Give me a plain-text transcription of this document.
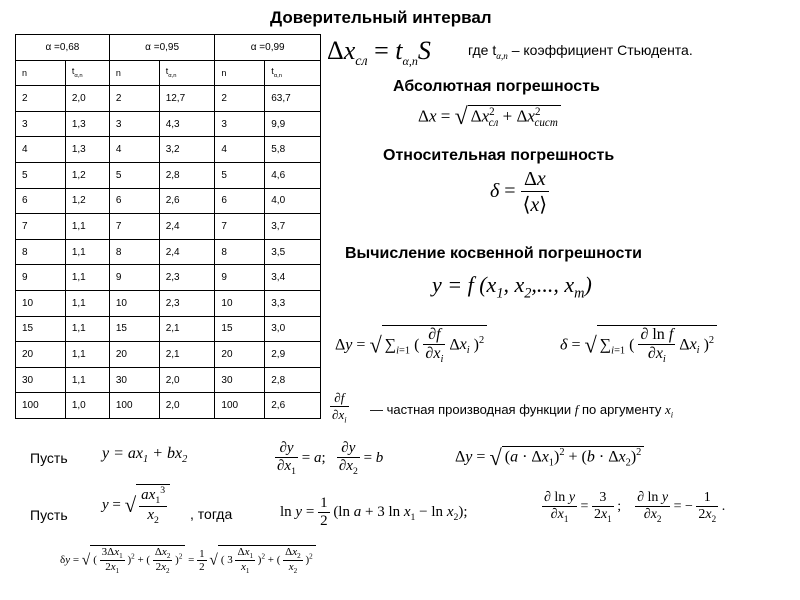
Доверительный интервал
α =0,68		α =0,95		α =0,99	
n	$t_{\alpha,n}$	n	$t_{\alpha,n}$	n	$t_{\alpha,n}$
2	2,0	2	12,7	2	63,7
3	1,3	3	4,3	3	9,9
4	1,3	4	3,2	4	5,8
5	1,2	5	2,8	5	4,6
6	1,2	6	2,6	6	4,0
7	1,1	7	2,4	7	3,7
8	1,1	8	2,4	8	3,5
9	1,1	9	2,3	9	3,4
10	1,1	10	2,3	10	3,3
15	1,1	15	2,1	15	3,0
20	1,1	20	2,1	20	2,9
30	1,1	30	2,0	30	2,8
100	1,0	100	2,0	100	2,6
$\Delta x_{сл} = t_{\alpha,n}S$	где $t_{\alpha,n}$ – коэффициент Стьюдента.
Абсолютная погрешность
Δx = √ $\Delta x^2_{сл} + \Delta x^2_{сист}$
Относительная погрешность
$\delta = \frac{\Delta x}{⟨x⟩}$
Вычисление косвенной погрешности
y = f ($x_1$, $x_2$,..., $x_m$)
Δy = √ $\sum_{i=1}$ ( $\frac{\partial f}{\partial x_i} \Delta x_i$ )$^2$	δ = √ $\sum_{i=1}$ ( $\frac{\text{∂ ln f}}{\partial x_i} \Delta x_i$ )$^2$
$\frac{\partial f}{\partial x_i}$ — частная производная функции f по аргументу $x_i$
Пусть $y = ax_1 + bx_2$	$\frac{\partial y}{\partial x_1} = a$; $\frac{\partial y}{\partial x_2} = b$	Δy = √ $(a \cdot \Delta x_1)^2 + (b \cdot \Delta x_2)^2$
Пусть
y = √ $\frac{ax_1^3}{x_2}$ , тогда	$\ln y = \frac{1}{2} (\ln$ a + 3 $\ln x_1 - \ln x_2$);	$\frac{\text{∂ ln y}}{\partial x_1} = \frac{3}{2x_1}$ ; $\frac{\text{∂ ln y}}{\partial x_2}$ = − $\frac{1}{2x_2}$ .
δy = √ ( $\frac{3\Delta x_1}{2x_1} )^2$ + ( $\frac{\Delta x_2}{2x_2} )^2 = \frac{1}{2}$ √ ( $3 \frac{\Delta x_1}{x_1} )^2$ + ( $\frac{\Delta x_2}{x_2} )^2$
